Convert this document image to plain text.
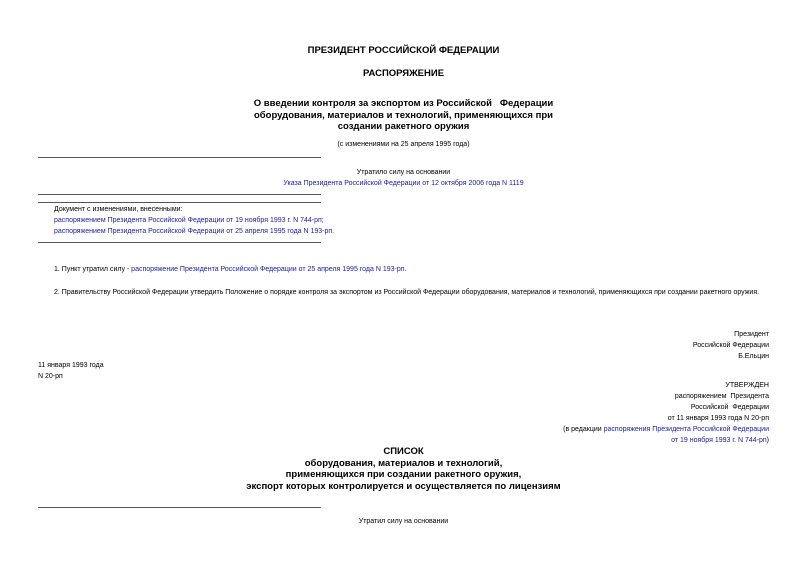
ПРЕЗИДЕНТ РОССИЙСКОЙ ФЕДЕРАЦИИ
РАСПОРЯЖЕНИЕ
О введении контроля за экспортом из Российской   Федерации
оборудования, материалов и технологий, применяющихся при
создании ракетного оружия
(с изменениями на 25 апреля 1995 года)
Утратило силу на основании
Указа Президента Российской Федерации от 12 октября 2006 года N 1119
Документ с изменениями, внесенными:
распоряжением Президента Российской Федерации от 19 ноября 1993 г. N 744-рп;
распоряжением Президента Российской Федерации от 25 апреля 1995 года N 193-рп.
1. Пункт утратил силу - распоряжение Президента Российской Федерации от 25 апреля 1995 года N 193-рп.
2. Правительству Российской Федерации утвердить Положение о порядке контроля за экспортом из Российской Федерации оборудования, материалов и технологий, применяющихся при создании ракетного оружия.
Президент
Российской Федерации
Б.Ельцин
11 января 1993 года
N 20-рп
УТВЕРЖДЕН
распоряжением  Президента
Российской  Федерации
от 11 января 1993 года N 20-рп
(в редакции распоряжения Президента Российской Федерации
от 19 ноября 1993 г. N 744-рп)
СПИСОК
оборудования, материалов и технологий,
применяющихся при создании ракетного оружия,
экспорт которых контролируется и осуществляется по лицензиям
Утратил силу на основании
